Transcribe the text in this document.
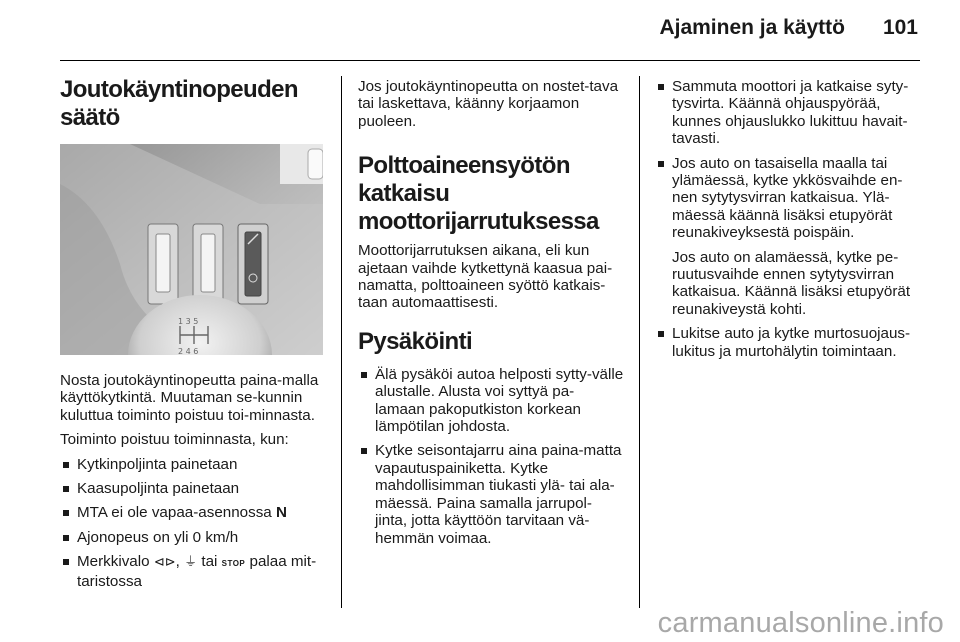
Ajaminen ja käyttö 101
Joutokäyntinopeuden
säätö
1 3 5
2 4 6

Nosta joutokäyntinopeutta paina-malla käyttökytkintä. Muutaman se-kunnin kuluttua toiminto poistuu toi-minnasta.

Toiminto poistuu toiminnasta, kun:

Kytkinpoljinta painetaan
Kaasupoljinta painetaan
MTA ei ole vapaa-asennossa N
Ajonopeus on yli 0 km/h
Merkkivalo ⊲⊳, ⏚ tai STOP palaa mit-taristossa

Jos joutokäyntinopeutta on nostet-tava tai laskettava, käänny korjaamon puoleen.

Polttoaineensyötön
katkaisu
moottorijarrutuksessa

Moottorijarrutuksen aikana, eli kun ajetaan vaihde kytkettynä kaasua pai-namatta, polttoaineen syöttö katkais-taan automaattisesti.

Pysäköinti
Älä pysäköi autoa helposti sytty-välle alustalle. Alusta voi syttyä pa-lamaan pakoputkiston korkean lämpötilan johdosta.
Kytke seisontajarru aina paina-matta vapautuspainiketta. Kytke mahdollisimman tiukasti ylä- tai ala-mäessä. Paina samalla jarrupol-jinta, jotta käyttöön tarvitaan vä-hemmän voimaa.
Sammuta moottori ja katkaise syty-tysvirta. Käännä ohjauspyörää, kunnes ohjauslukko lukittuu havait-tavasti.
Jos auto on tasaisella maalla tai ylämäessä, kytke ykkösvaihde en-nen sytytysvirran katkaisua. Ylä-mäessä käännä lisäksi etupyörät reunakiveyksestä poispäin.
Jos auto on alamäessä, kytke pe-ruutusvaihde ennen sytytysvirran katkaisua. Käännä lisäksi etupyörät reunakiveystä kohti.
Lukitse auto ja kytke murtosuojaus-lukitus ja murtohälytin toimintaan.
carmanualsonline.info
